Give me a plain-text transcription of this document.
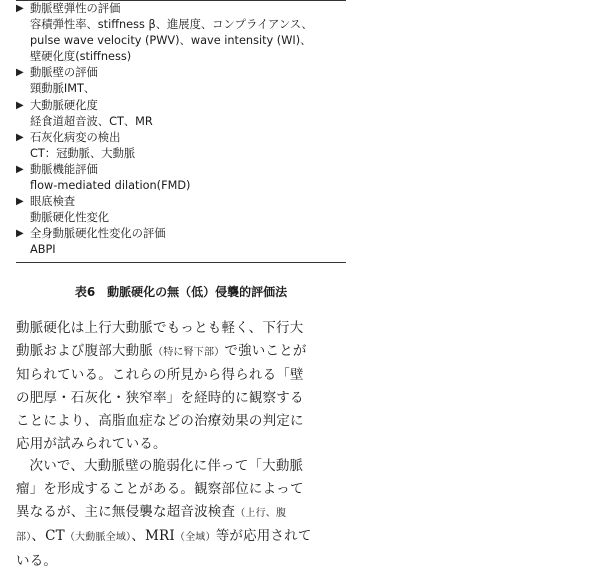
▶ 動脈壁弾性の評価
容積弾性率、stiffness β、進展度、コンプライアンス、
pulse wave velocity (PWV)、wave intensity (WI)、
壁硬化度(stiffness)
▶ 動脈壁の評価
頸動脈IMT、
▶ 大動脈硬化度
経食道超音波、CT、MR
▶ 石灰化病変の検出
CT：冠動脈、大動脈
▶ 動脈機能評価
flow-mediated dilation(FMD)
▶ 眼底検査
動脈硬化性変化
▶ 全身動脈硬化性変化の評価
ABPI
表6　動脈硬化の無（低）侵襲的評価法

動脈硬化は上行大動脈でもっとも軽く、下行大動脈および腹部大動脈（特に腎下部）で強いことが知られている。これらの所見から得られる「壁の肥厚・石灰化・狭窄率」を経時的に観察することにより、高脂血症などの治療効果の判定に応用が試みられている。

次いで、大動脈壁の脆弱化に伴って「大動脈瘤」を形成することがある。観察部位によって異なるが、主に無侵襲な超音波検査（上行、腹部）、CT（大動脈全域）、MRI（全域）等が応用されている。
